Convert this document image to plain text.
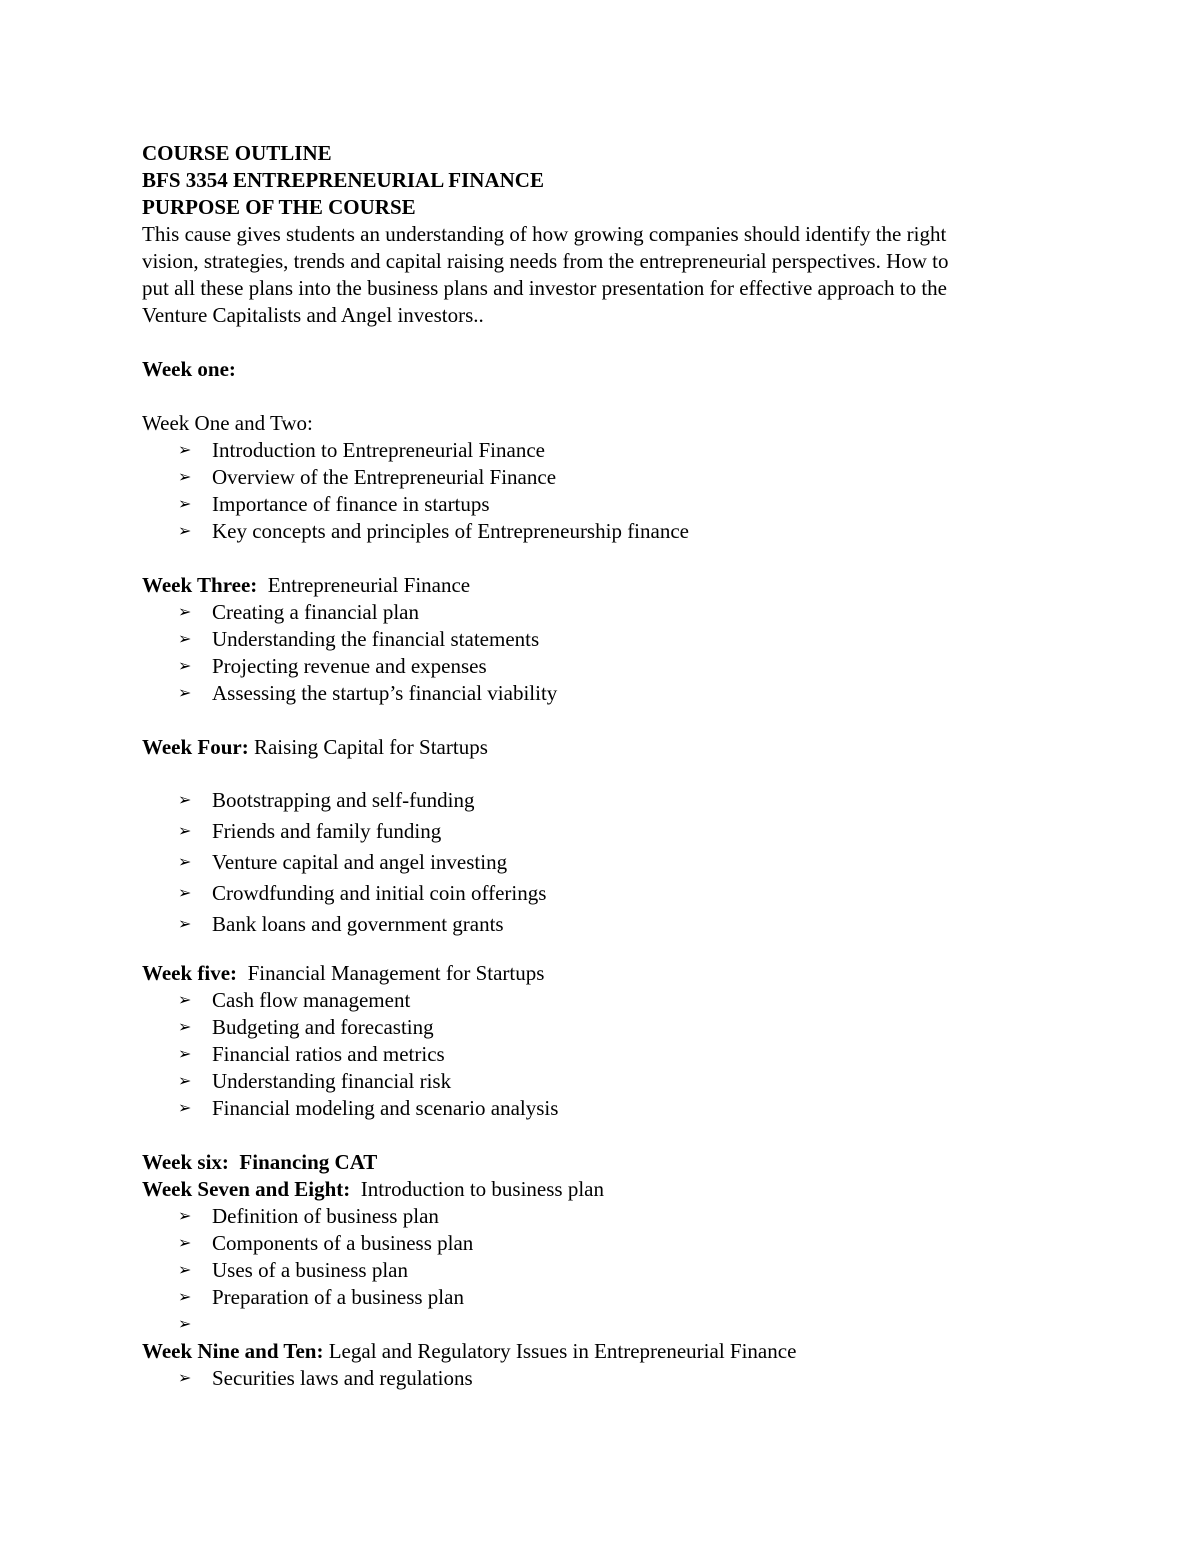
COURSE OUTLINE
BFS 3354 ENTREPRENEURIAL FINANCE
PURPOSE OF THE COURSE
This cause gives students an understanding of how growing companies should identify the right
vision, strategies, trends and capital raising needs from the entrepreneurial perspectives. How to
put all these plans into the business plans and investor presentation for effective approach to the
Venture Capitalists and Angel investors..
Week one:
Week One and Two:
➢ Introduction to Entrepreneurial Finance
➢ Overview of the Entrepreneurial Finance
➢ Importance of finance in startups
➢ Key concepts and principles of Entrepreneurship finance
Week Three: Entrepreneurial Finance
➢ Creating a financial plan
➢ Understanding the financial statements
➢ Projecting revenue and expenses
➢ Assessing the startup’s financial viability
Week Four: Raising Capital for Startups
➢ Bootstrapping and self-funding
➢ Friends and family funding
➢ Venture capital and angel investing
➢ Crowdfunding and initial coin offerings
➢ Bank loans and government grants
Week five: Financial Management for Startups
➢ Cash flow management
➢ Budgeting and forecasting
➢ Financial ratios and metrics
➢ Understanding financial risk
➢ Financial modeling and scenario analysis
Week six: Financing CAT
Week Seven and Eight: Introduction to business plan
➢ Definition of business plan
➢ Components of a business plan
➢ Uses of a business plan
➢ Preparation of a business plan
➢
Week Nine and Ten: Legal and Regulatory Issues in Entrepreneurial Finance
➢ Securities laws and regulations
